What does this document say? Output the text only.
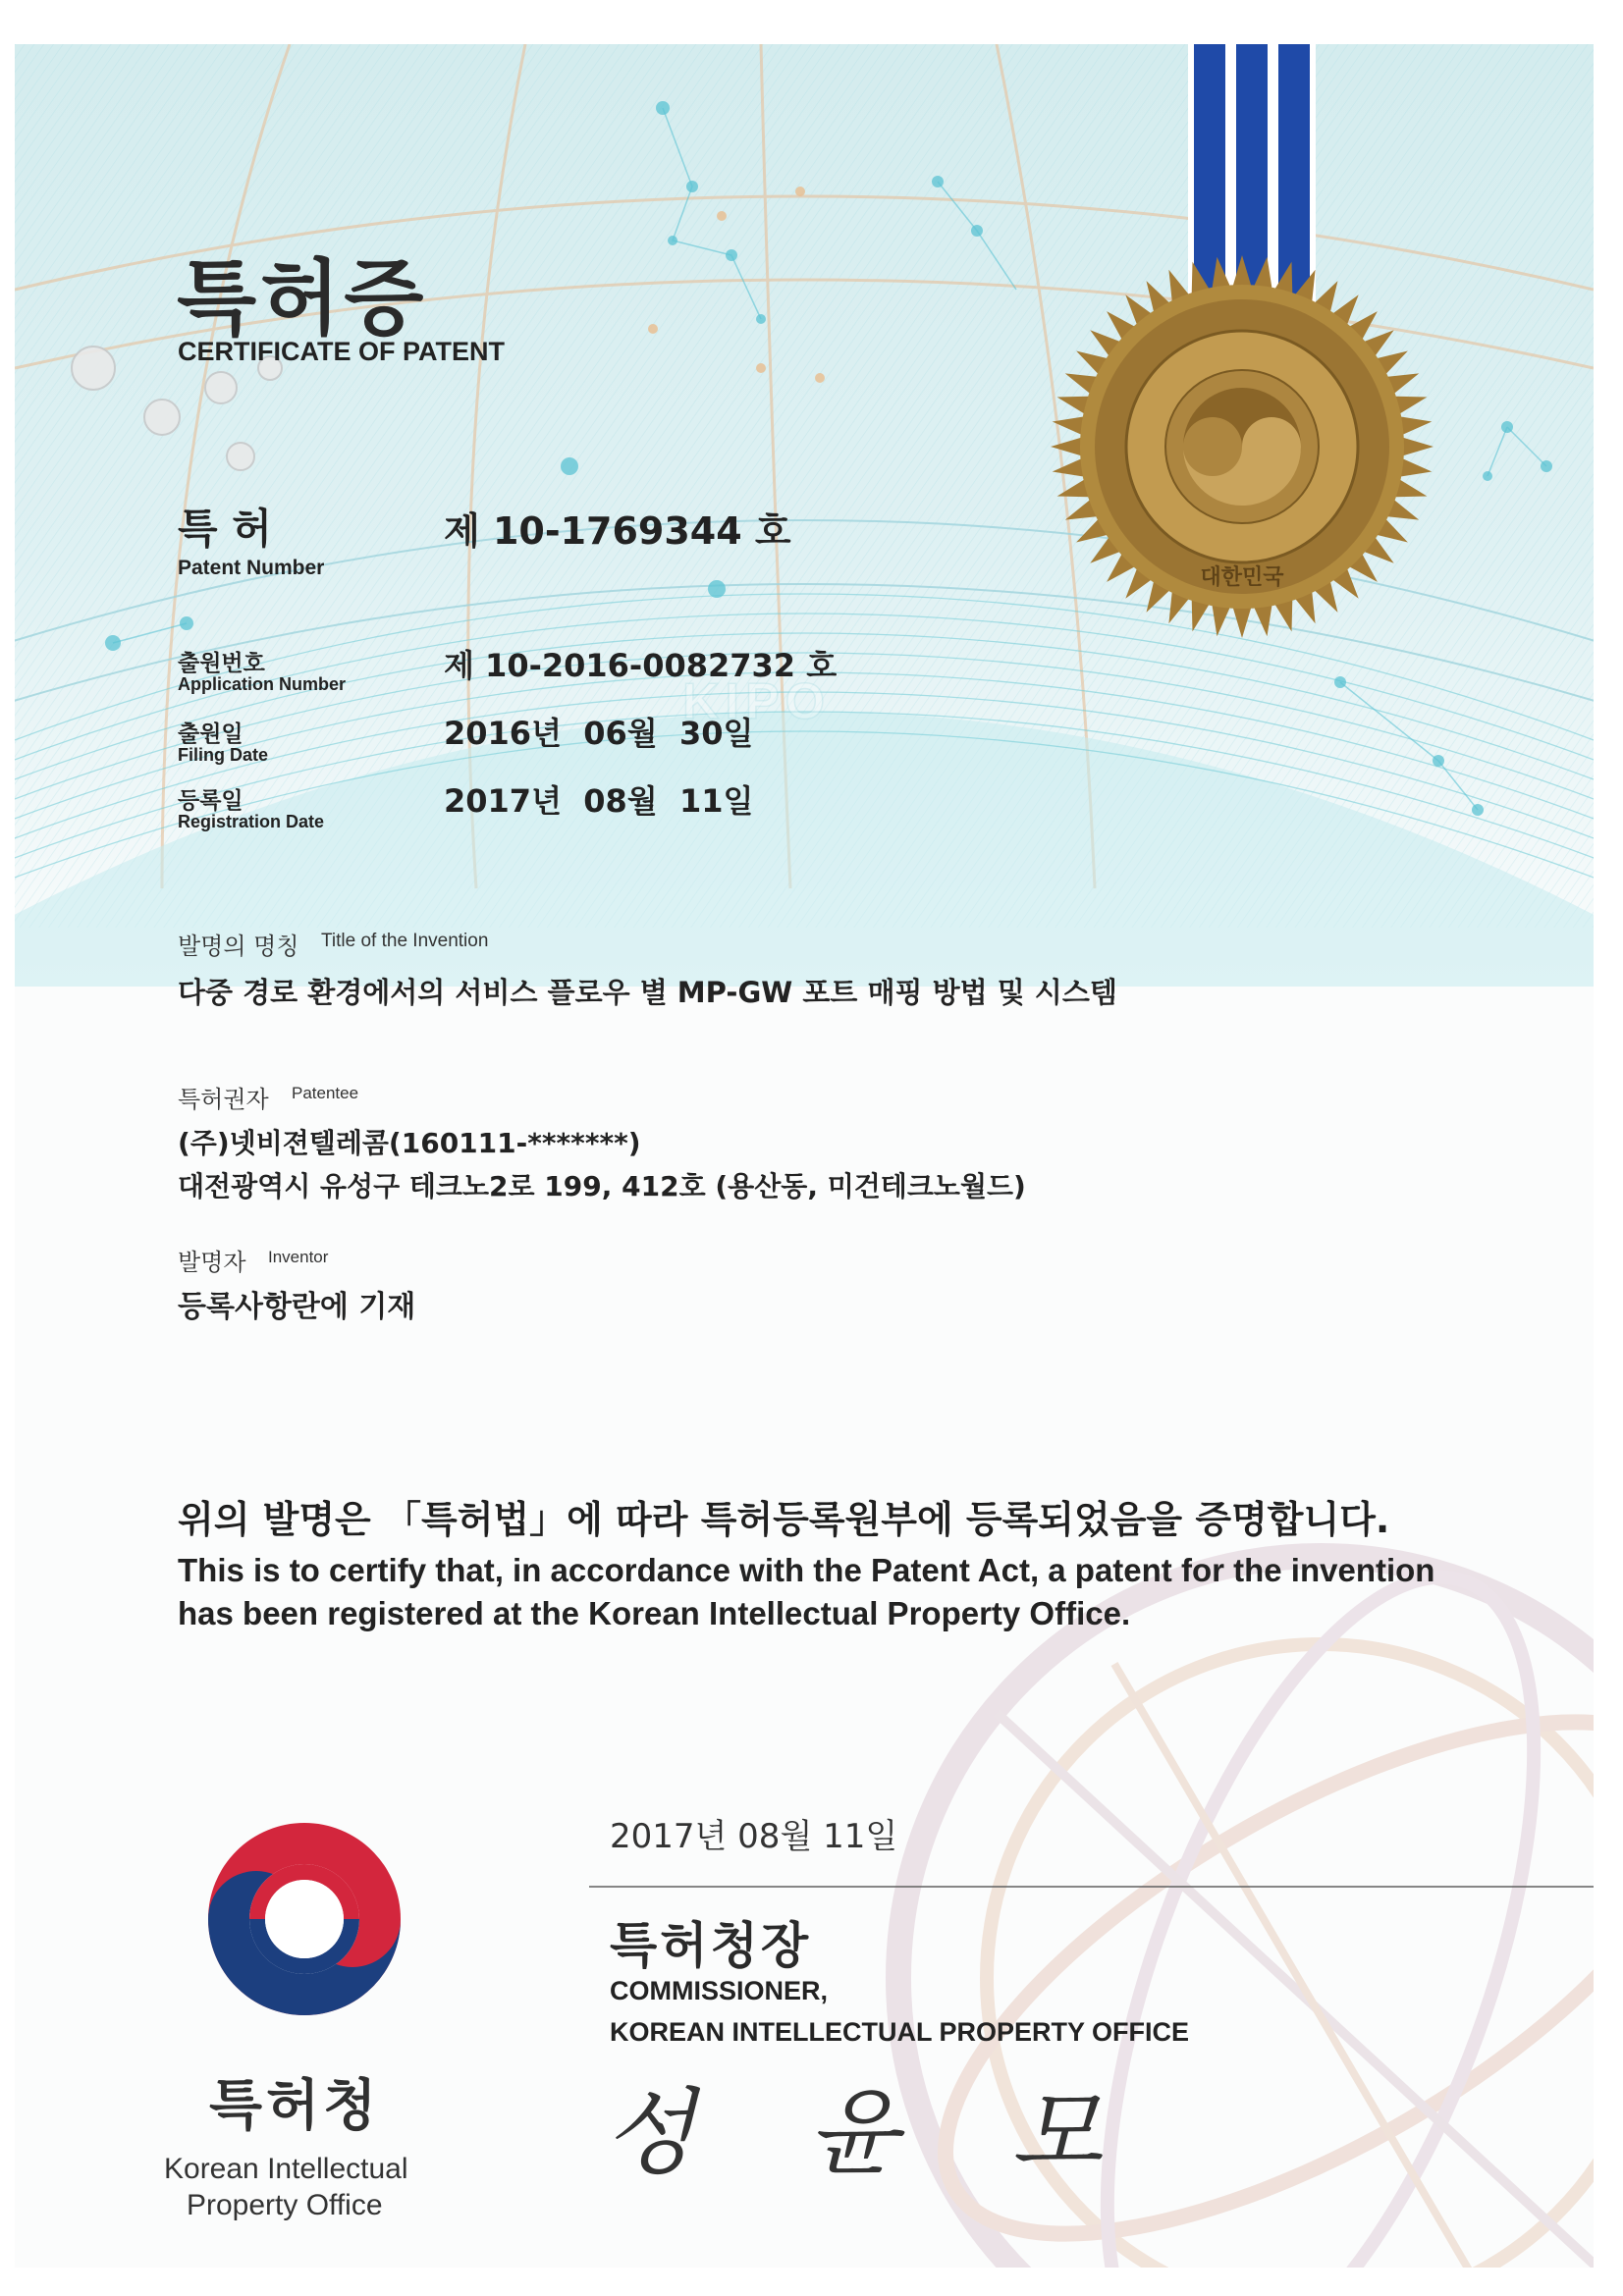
KIPO
대한민국
특허증
CERTIFICATE OF PATENT
특 허
Patent Number
제 10-1769344 호
출원번호
Application Number	제 10-2016-0082732 호
출원일
Filing Date
2016년  06월  30일
등록일
Registration Date
2017년  08월  11일
발명의 명칭 Title of the Invention
다중 경로 환경에서의 서비스 플로우 별 MP-GW 포트 매핑 방법 및 시스템
특허권자 Patentee
(주)넷비젼텔레콤(160111-*******)
대전광역시 유성구 테크노2로 199, 412호 (용산동, 미건테크노월드)
발명자 Inventor
등록사항란에 기재
위의 발명은 「특허법」에 따라 특허등록원부에 등록되었음을 증명합니다.
This is to certify that, in accordance with the Patent Act, a patent for the invention
has been registered at the Korean Intellectual Property Office.
2017년 08월 11일
특허청장
COMMISSIONER,
KOREAN INTELLECTUAL PROPERTY OFFICE
성 윤 모
특허청
Korean Intellectual
Property Office
